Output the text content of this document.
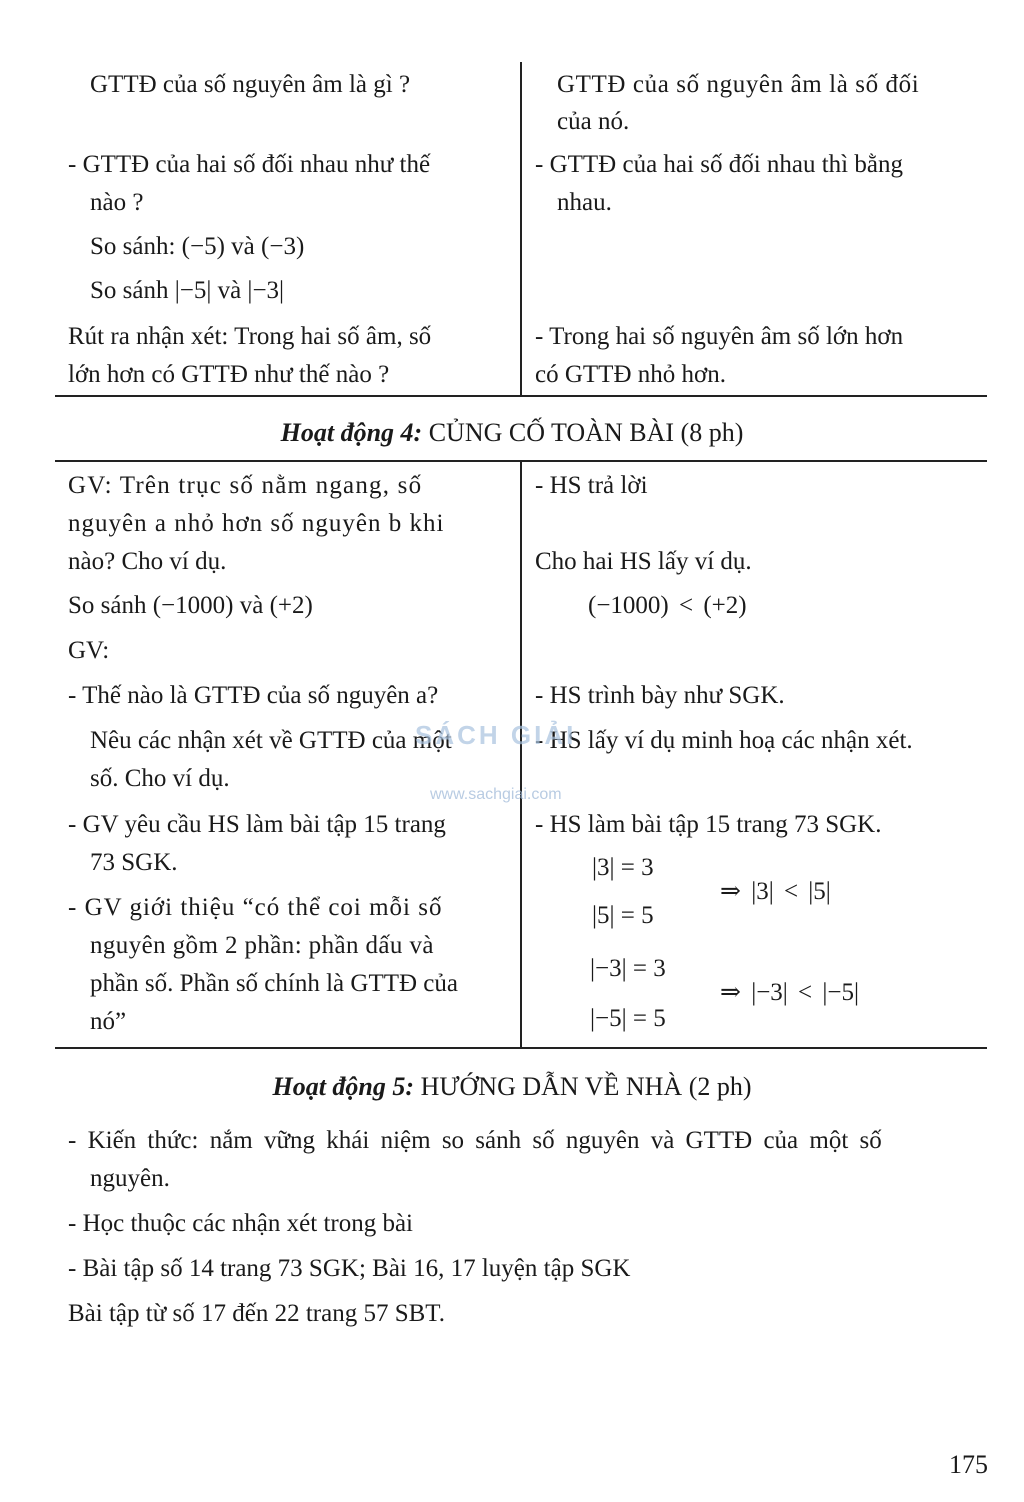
GTTĐ của số nguyên âm là gì ?	GTTĐ của số nguyên âm là số đối
của nó.
- GTTĐ của hai số đối nhau như thế
nào ?
So sánh: (−5) và (−3)
So sánh |−5| và |−3|
- GTTĐ của hai số đối nhau thì bằng
nhau.
Rút ra nhận xét: Trong hai số âm, số
lớn hơn có GTTĐ như thế nào ?
- Trong hai số nguyên âm số lớn hơn
có GTTĐ nhỏ hơn.
Hoạt động 4: CỦNG CỐ TOÀN BÀI (8 ph)
GV: Trên trục số nằm ngang, số
nguyên a nhỏ hơn số nguyên b khi
nào? Cho ví dụ.
So sánh (−1000) và (+2)
GV:
- Thế nào là GTTĐ của số nguyên a?
Nêu các nhận xét về GTTĐ của một
số. Cho ví dụ.
- GV yêu cầu HS làm bài tập 15 trang
73 SGK.
- GV giới thiệu “có thể coi mỗi số
nguyên gồm 2 phần: phần dấu và
phần số. Phần số chính là GTTĐ của
nó”
- HS trả lời
Cho hai HS lấy ví dụ.
(−1000) < (+2)
- HS trình bày như SGK.
- HS lấy ví dụ minh hoạ các nhận xét.
- HS làm bài tập 15 trang 73 SGK.
|3| = 3
|5| = 5
⇒ |3| < |5|
|−3| = 3
|−5| = 5
⇒ |−3| < |−5|
SÁCH GIẢI
www.sachgiai.com
Hoạt động 5: HƯỚNG DẪN VỀ NHÀ (2 ph)
- Kiến thức: nắm vững khái niệm so sánh số nguyên và GTTĐ của một số
nguyên.
- Học thuộc các nhận xét trong bài
- Bài tập số 14 trang 73 SGK; Bài 16, 17 luyện tập SGK
Bài tập từ số 17 đến 22 trang 57 SBT.
175
